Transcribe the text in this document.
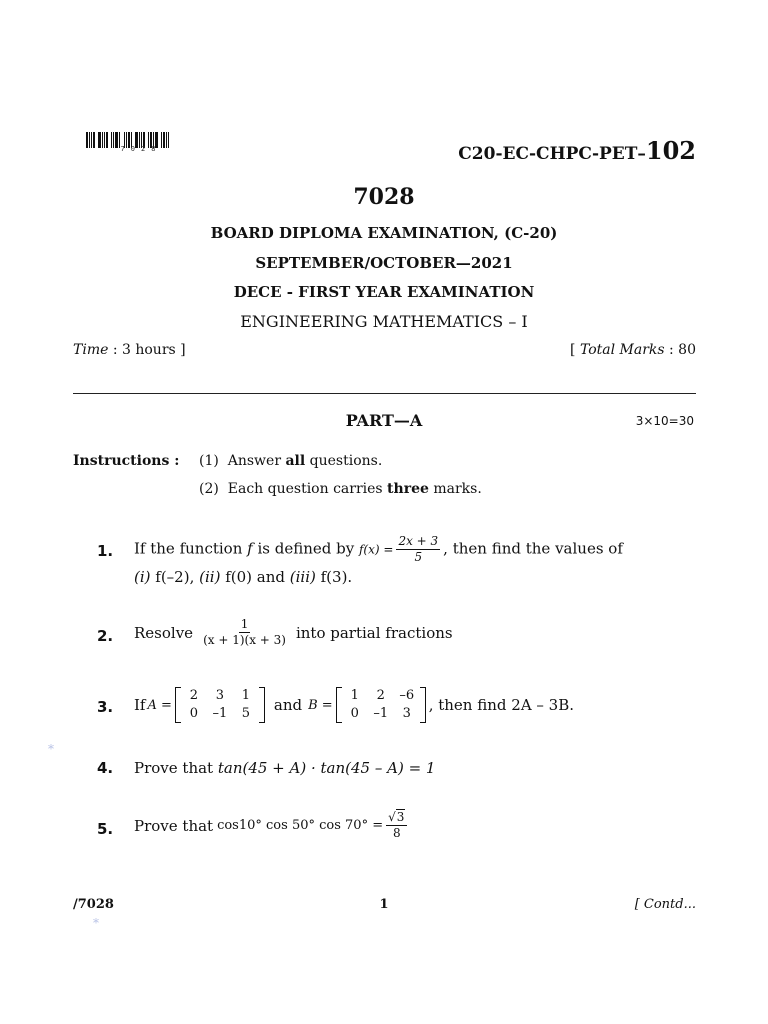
7028	C20-EC-CHPC-PET–102
7028
BOARD DIPLOMA EXAMINATION, (C-20)
SEPTEMBER/OCTOBER—2021
DECE - FIRST YEAR EXAMINATION
ENGINEERING MATHEMATICS – I
Time : 3 hours ]	[ Total Marks : 80
PART—A	3×10=30
Instructions : (1) Answer all questions.
(2) Each question carries three marks.
1. If the function f is defined by $f(x) = \frac{2x + 3}{5}$ , then find the values of
(i) f(–2), (ii) f(0) and (iii) f(3).
2. Resolve $\frac{1}{(x + 1)(x + 3)}$ into partial fractions
3. If A =
2	3	1
0	–1	5	and B =
1	2	–6
0	–1	3	, then find 2A – 3B.
*
4. Prove that tan(45 + A) · tan(45 – A) = 1
5. Prove that cos10° cos 50° $\cos 70^\circ = \frac{√3}{8}$
/7028	1	[ Contd...
*
